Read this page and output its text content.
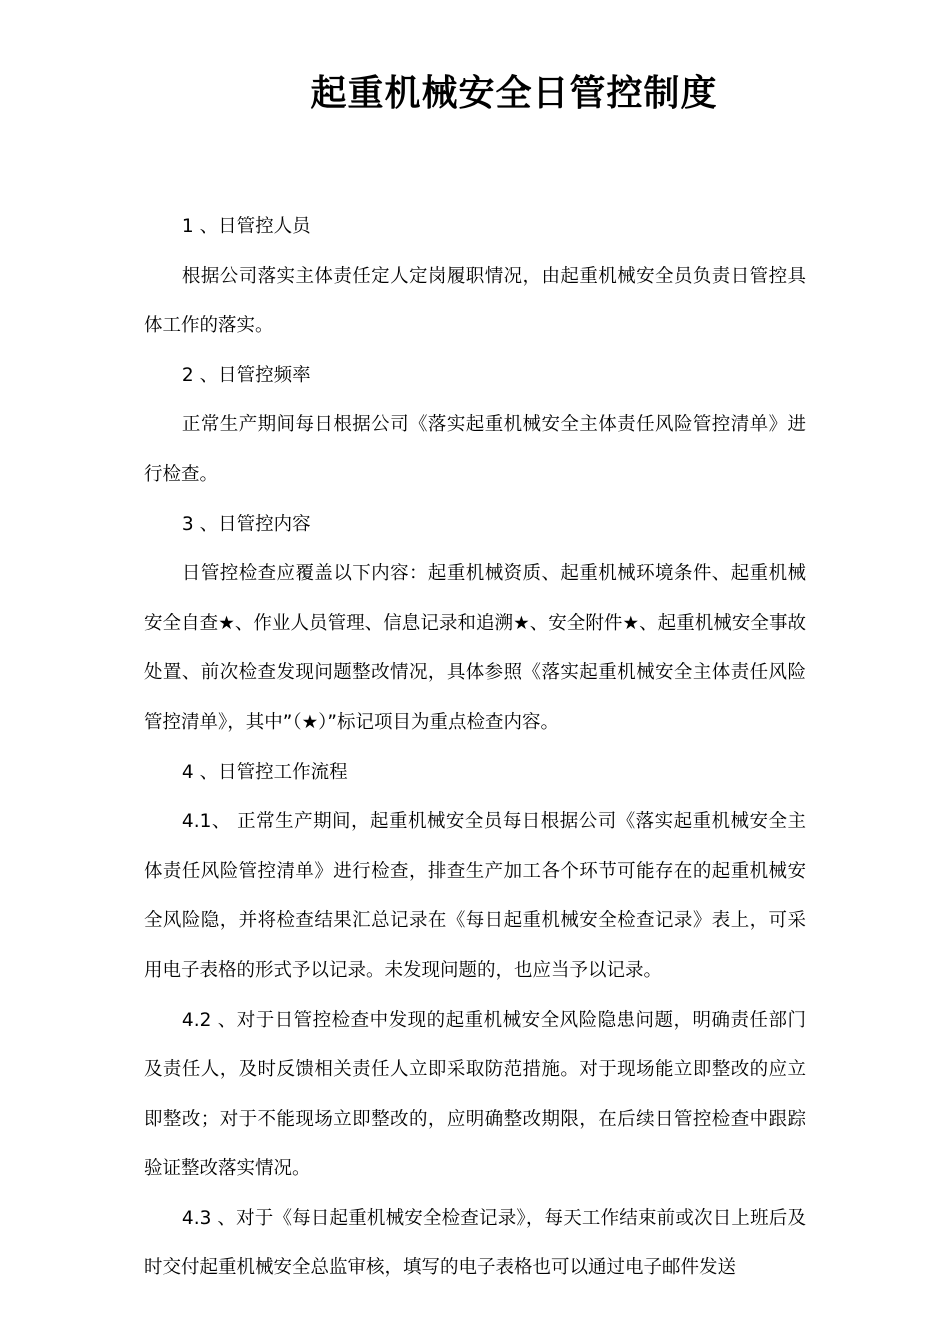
起重机械安全日管控制度

1 、日管控人员

根据公司落实主体责任定人定岗履职情况，由起重机械安全员负责日管控具体工作的落实。

2 、日管控频率

正常生产期间每日根据公司《落实起重机械安全主体责任风险管控清单》进行检查。

3 、日管控内容

日管控检查应覆盖以下内容：起重机械资质、起重机械环境条件、起重机械安全自查★、作业人员管理、信息记录和追溯★、安全附件★、起重机械安全事故处置、前次检查发现问题整改情况，具体参照《落实起重机械安全主体责任风险管控清单》，其中”（★）”标记项目为重点检查内容。

4 、日管控工作流程

4.1、 正常生产期间，起重机械安全员每日根据公司《落实起重机械安全主体责任风险管控清单》进行检查，排查生产加工各个环节可能存在的起重机械安全风险隐，并将检查结果汇总记录在《每日起重机械安全检查记录》表上，可采用电子表格的形式予以记录。未发现问题的，也应当予以记录。

4.2 、对于日管控检查中发现的起重机械安全风险隐患问题，明确责任部门及责任人，及时反馈相关责任人立即采取防范措施。对于现场能立即整改的应立即整改；对于不能现场立即整改的，应明确整改期限，在后续日管控检查中跟踪验证整改落实情况。

4.3 、对于《每日起重机械安全检查记录》，每天工作结束前或次日上班后及时交付起重机械安全总监审核，填写的电子表格也可以通过电子邮件发送
